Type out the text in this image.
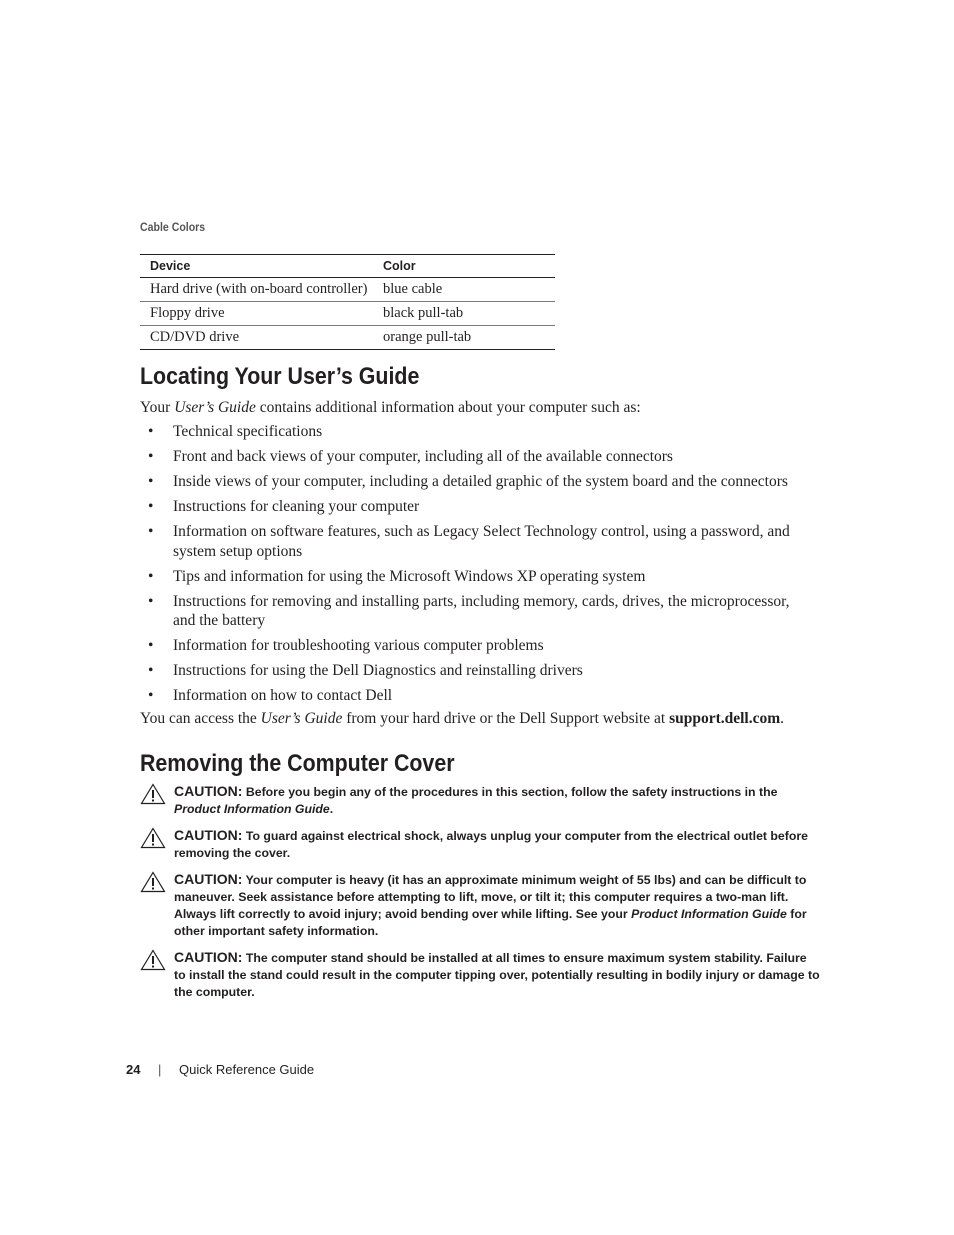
Cable Colors
Device	Color
Hard drive (with on-board controller)	blue cable
Floppy drive	black pull-tab
CD/DVD drive	orange pull-tab
Locating Your User’s Guide

Your User’s Guide contains additional information about your computer such as:

• Technical specifications
• Front and back views of your computer, including all of the available connectors
• Inside views of your computer, including a detailed graphic of the system board and the connectors
• Instructions for cleaning your computer
• Information on software features, such as Legacy Select Technology control, using a password, and system setup options
• Tips and information for using the Microsoft Windows XP operating system
• Instructions for removing and installing parts, including memory, cards, drives, the microprocessor, and the battery
• Information for troubleshooting various computer problems
• Instructions for using the Dell Diagnostics and reinstalling drivers
• Information on how to contact Dell

You can access the User’s Guide from your hard drive or the Dell Support website at support.dell.com.

Removing the Computer Cover

CAUTION: Before you begin any of the procedures in this section, follow the safety instructions in the Product Information Guide.

CAUTION: To guard against electrical shock, always unplug your computer from the electrical outlet before removing the cover.

CAUTION: Your computer is heavy (it has an approximate minimum weight of 55 lbs) and can be difficult to maneuver. Seek assistance before attempting to lift, move, or tilt it; this computer requires a two-man lift. Always lift correctly to avoid injury; avoid bending over while lifting. See your Product Information Guide for other important safety information.

CAUTION: The computer stand should be installed at all times to ensure maximum system stability. Failure to install the stand could result in the computer tipping over, potentially resulting in bodily injury or damage to the computer.

24 | Quick Reference Guide
